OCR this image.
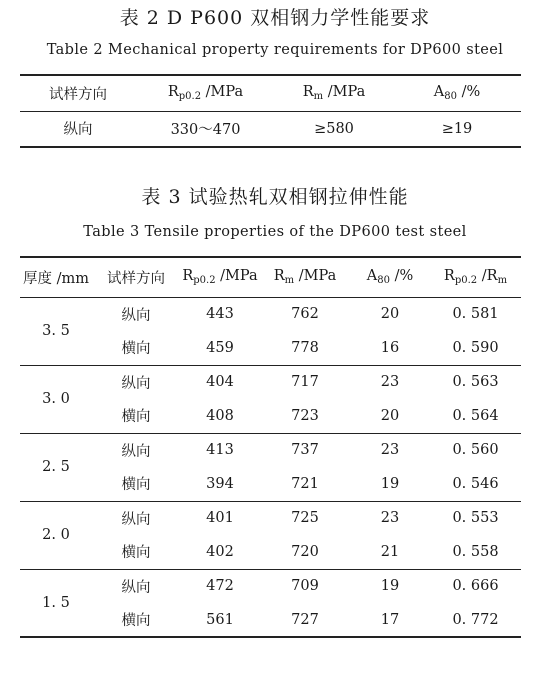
表 2 D P600 双相钢力学性能要求
Table 2 Mechanical property requirements for DP600 steel
试样方向	$R_{p0.2}$ /MPa	$R_m$ /MPa	$A_{80}$ /%
纵向	330～470	≥580	≥19
表 3 试验热轧双相钢拉伸性能
Table 3 Tensile properties of the DP600 test steel
厚度 /mm	试样方向	$R_{p0.2}$ /MPa	$R_m$ /MPa	$A_{80}$ /%	$R_{p0.2}$ $/R_m$
3. 5	纵向	443	762	20	0. 581
	横向	459	778	16	0. 590
3. 0	纵向	404	717	23	0. 563
	横向	408	723	20	0. 564
2. 5	纵向	413	737	23	0. 560
	横向	394	721	19	0. 546
2. 0	纵向	401	725	23	0. 553
	横向	402	720	21	0. 558
1. 5	纵向	472	709	19	0. 666
	横向	561	727	17	0. 772
